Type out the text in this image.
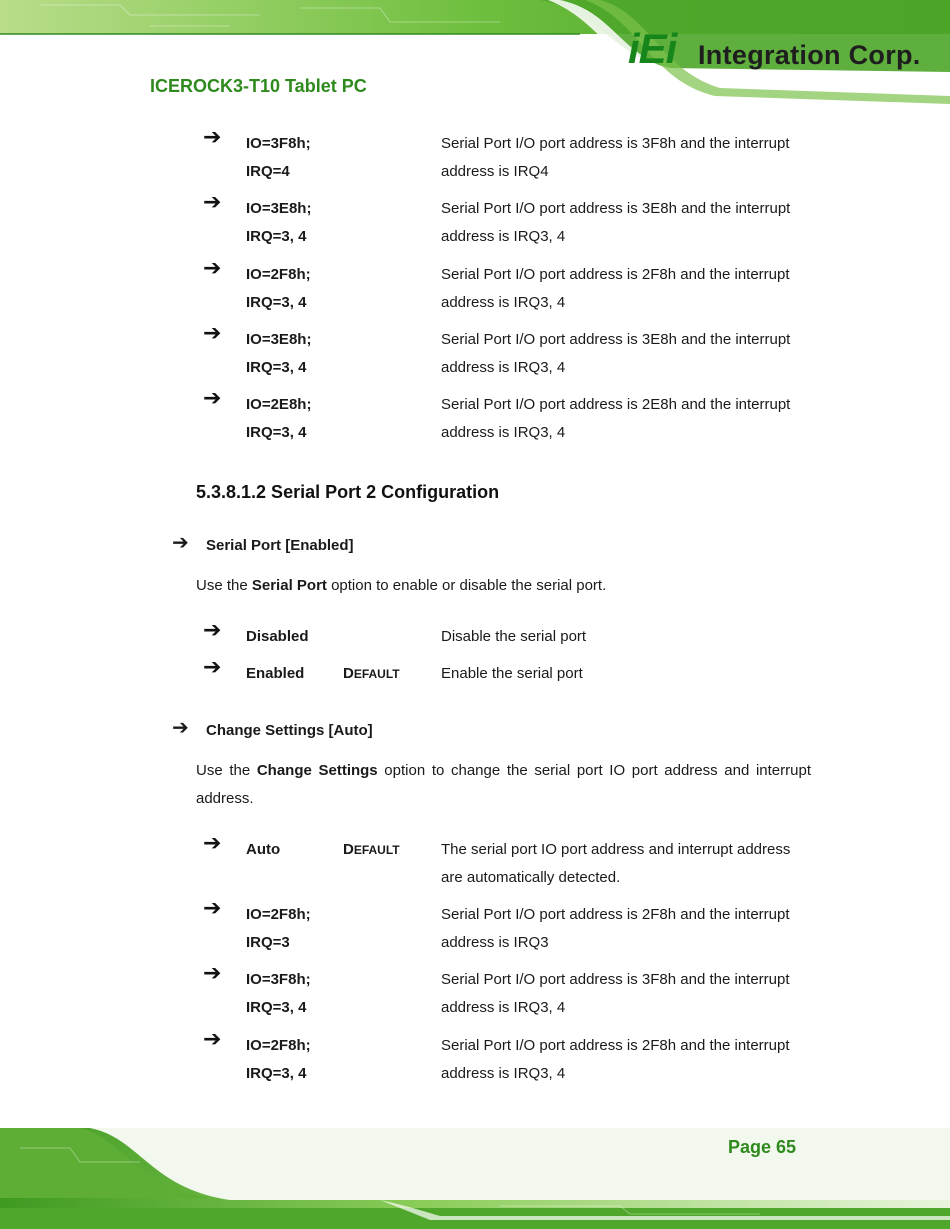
ICEROCK3-T10 Tablet PC
iEi Integration Corp.
➔ IO=3F8h;
IRQ=4
Serial Port I/O port address is 3F8h and the interrupt
address is IRQ4
➔ IO=3E8h;
IRQ=3, 4
Serial Port I/O port address is 3E8h and the interrupt
address is IRQ3, 4
➔ IO=2F8h;
IRQ=3, 4
Serial Port I/O port address is 2F8h and the interrupt
address is IRQ3, 4
➔ IO=3E8h;
IRQ=3, 4
Serial Port I/O port address is 3E8h and the interrupt
address is IRQ3, 4
➔ IO=2E8h;
IRQ=3, 4
Serial Port I/O port address is 2E8h and the interrupt
address is IRQ3, 4
5.3.8.1.2 Serial Port 2 Configuration
➔ Serial Port [Enabled]
Use the Serial Port option to enable or disable the serial port.
➔ Disabled	Disable the serial port
➔ Enabled	DEFAULT	Enable the serial port
➔ Change Settings [Auto]
Use the Change Settings option to change the serial port IO port address and interrupt address.
➔ Auto	DEFAULT	The serial port IO port address and interrupt address
are automatically detected.
➔ IO=2F8h;
IRQ=3
Serial Port I/O port address is 2F8h and the interrupt
address is IRQ3
➔ IO=3F8h;
IRQ=3, 4
Serial Port I/O port address is 3F8h and the interrupt
address is IRQ3, 4
➔ IO=2F8h;
IRQ=3, 4
Serial Port I/O port address is 2F8h and the interrupt
address is IRQ3, 4
Page 65
